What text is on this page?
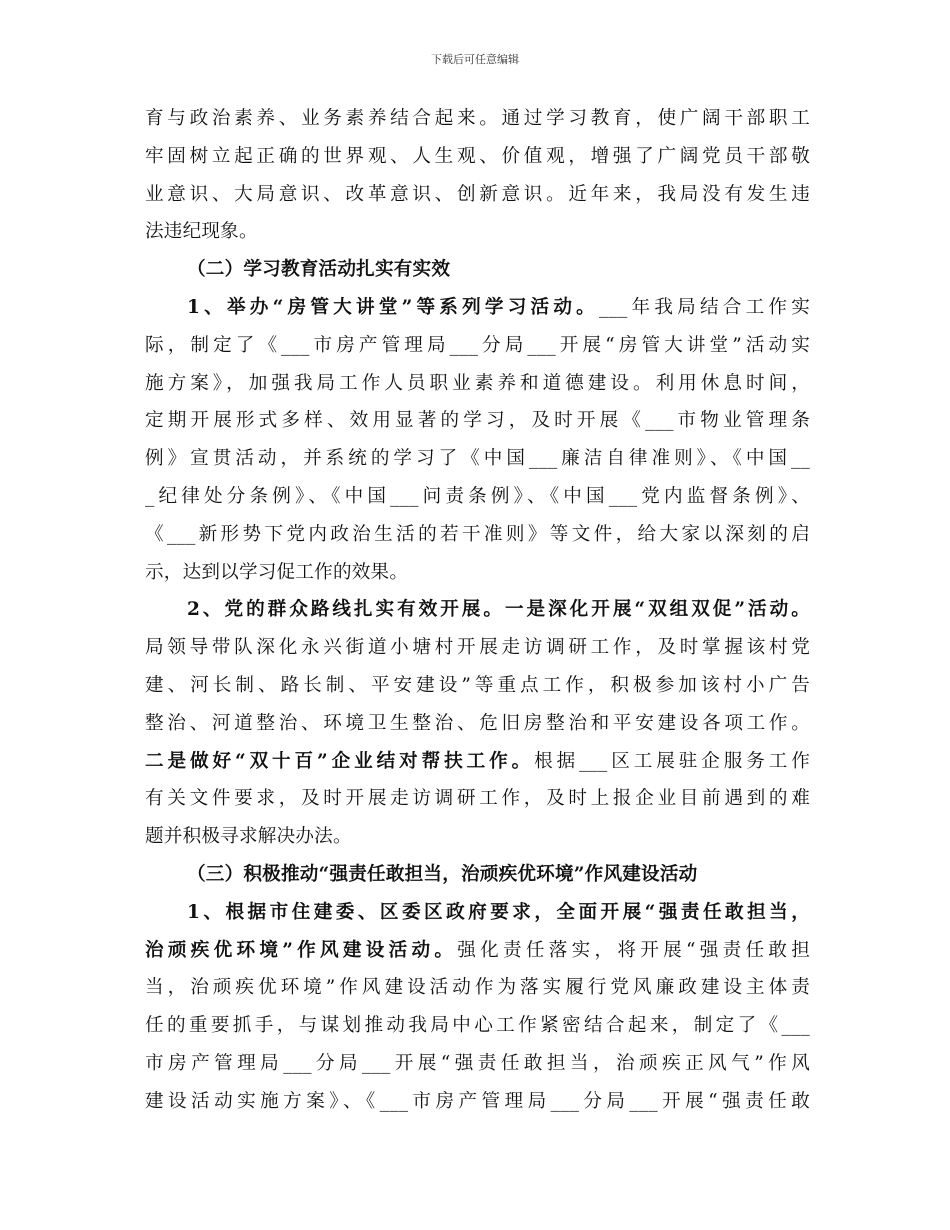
下载后可任意编辑
育与政治素养、业务素养结合起来。通过学习教育，使广阔干部职工
牢固树立起正确的世界观、人生观、价值观，增强了广阔党员干部敬
业意识、大局意识、改革意识、创新意识。近年来，我局没有发生违
法违纪现象。
（二）学习教育活动扎实有实效
1、举办“房管大讲堂”等系列学习活动。___年我局结合工作实
际，制定了《___市房产管理局___分局___开展“房管大讲堂”活动实
施方案》，加强我局工作人员职业素养和道德建设。利用休息时间，
定期开展形式多样、效用显著的学习，及时开展《___市物业管理条
例》宣贯活动，并系统的学习了《中国___廉洁自律准则》、《中国__
_纪律处分条例》、《中国___问责条例》、《中国___党内监督条例》、
《___新形势下党内政治生活的若干准则》等文件，给大家以深刻的启
示，达到以学习促工作的效果。
2、党的群众路线扎实有效开展。一是深化开展“双组双促”活动。
局领导带队深化永兴街道小塘村开展走访调研工作，及时掌握该村党
建、河长制、路长制、平安建设”等重点工作，积极参加该村小广告
整治、河道整治、环境卫生整治、危旧房整治和平安建设各项工作。
二是做好“双十百”企业结对帮扶工作。根据___区工展驻企服务工作
有关文件要求，及时开展走访调研工作，及时上报企业目前遇到的难
题并积极寻求解决办法。
（三）积极推动“强责任敢担当，治顽疾优环境”作风建设活动
1、根据市住建委、区委区政府要求，全面开展“强责任敢担当，
治顽疾优环境”作风建设活动。强化责任落实，将开展“强责任敢担
当，治顽疾优环境”作风建设活动作为落实履行党风廉政建设主体责
任的重要抓手，与谋划推动我局中心工作紧密结合起来，制定了《___
市房产管理局___分局___开展“强责任敢担当，治顽疾正风气”作风
建设活动实施方案》、《___市房产管理局___分局___开展“强责任敢
